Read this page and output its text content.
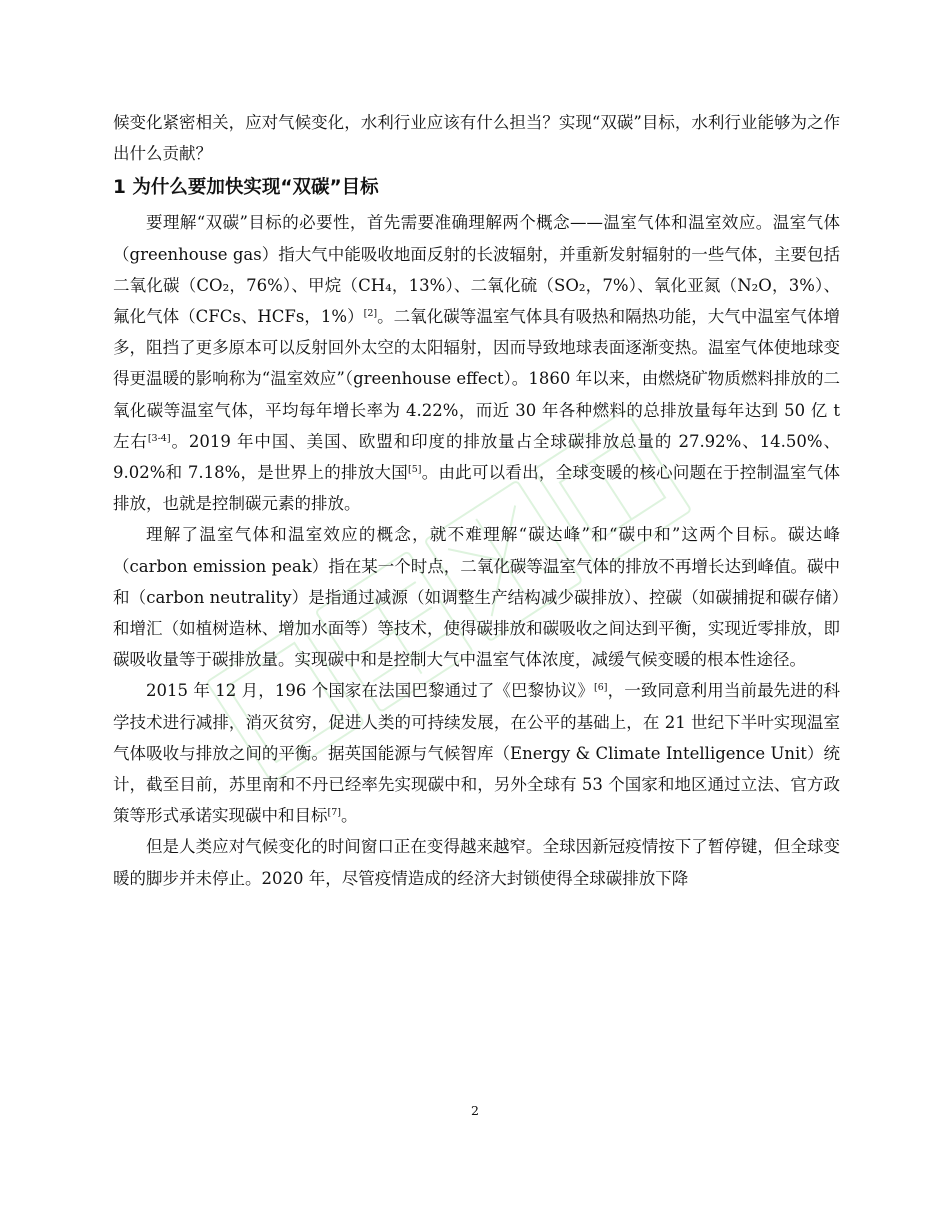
候变化紧密相关，应对气候变化，水利行业应该有什么担当？实现“双碳”目标，水利行业能够为之作出什么贡献？

1 为什么要加快实现“双碳”目标

要理解“双碳”目标的必要性，首先需要准确理解两个概念——温室气体和温室效应。温室气体（greenhouse gas）指大气中能吸收地面反射的长波辐射，并重新发射辐射的一些气体，主要包括二氧化碳（CO₂，76%）、甲烷（CH₄，13%）、二氧化硫（SO₂，7%）、氧化亚氮（N₂O，3%）、氟化气体（CFCs、HCFs，1%）[2]。二氧化碳等温室气体具有吸热和隔热功能，大气中温室气体增多，阻挡了更多原本可以反射回外太空的太阳辐射，因而导致地球表面逐渐变热。温室气体使地球变得更温暖的影响称为“温室效应”（greenhouse effect）。1860 年以来，由燃烧矿物质燃料排放的二氧化碳等温室气体，平均每年增长率为 4.22%，而近 30 年各种燃料的总排放量每年达到 50 亿 t 左右[3-4]。2019 年中国、美国、欧盟和印度的排放量占全球碳排放总量的 27.92%、14.50%、9.02%和 7.18%，是世界上的排放大国[5]。由此可以看出，全球变暖的核心问题在于控制温室气体排放，也就是控制碳元素的排放。

理解了温室气体和温室效应的概念，就不难理解“碳达峰”和“碳中和”这两个目标。碳达峰（carbon emission peak）指在某一个时点，二氧化碳等温室气体的排放不再增长达到峰值。碳中和（carbon neutrality）是指通过减源（如调整生产结构减少碳排放）、控碳（如碳捕捉和碳存储）和增汇（如植树造林、增加水面等）等技术，使得碳排放和碳吸收之间达到平衡，实现近零排放，即碳吸收量等于碳排放量。实现碳中和是控制大气中温室气体浓度，减缓气候变暖的根本性途径。

2015 年 12 月，196 个国家在法国巴黎通过了《巴黎协议》[6]，一致同意利用当前最先进的科学技术进行减排，消灭贫穷，促进人类的可持续发展，在公平的基础上，在 21 世纪下半叶实现温室气体吸收与排放之间的平衡。据英国能源与气候智库（Energy & Climate Intelligence Unit）统计，截至目前，苏里南和不丹已经率先实现碳中和，另外全球有 53 个国家和地区通过立法、官方政策等形式承诺实现碳中和目标[7]。

但是人类应对气候变化的时间窗口正在变得越来越窄。全球因新冠疫情按下了暂停键，但全球变暖的脚步并未停止。2020 年，尽管疫情造成的经济大封锁使得全球碳排放下降

2
